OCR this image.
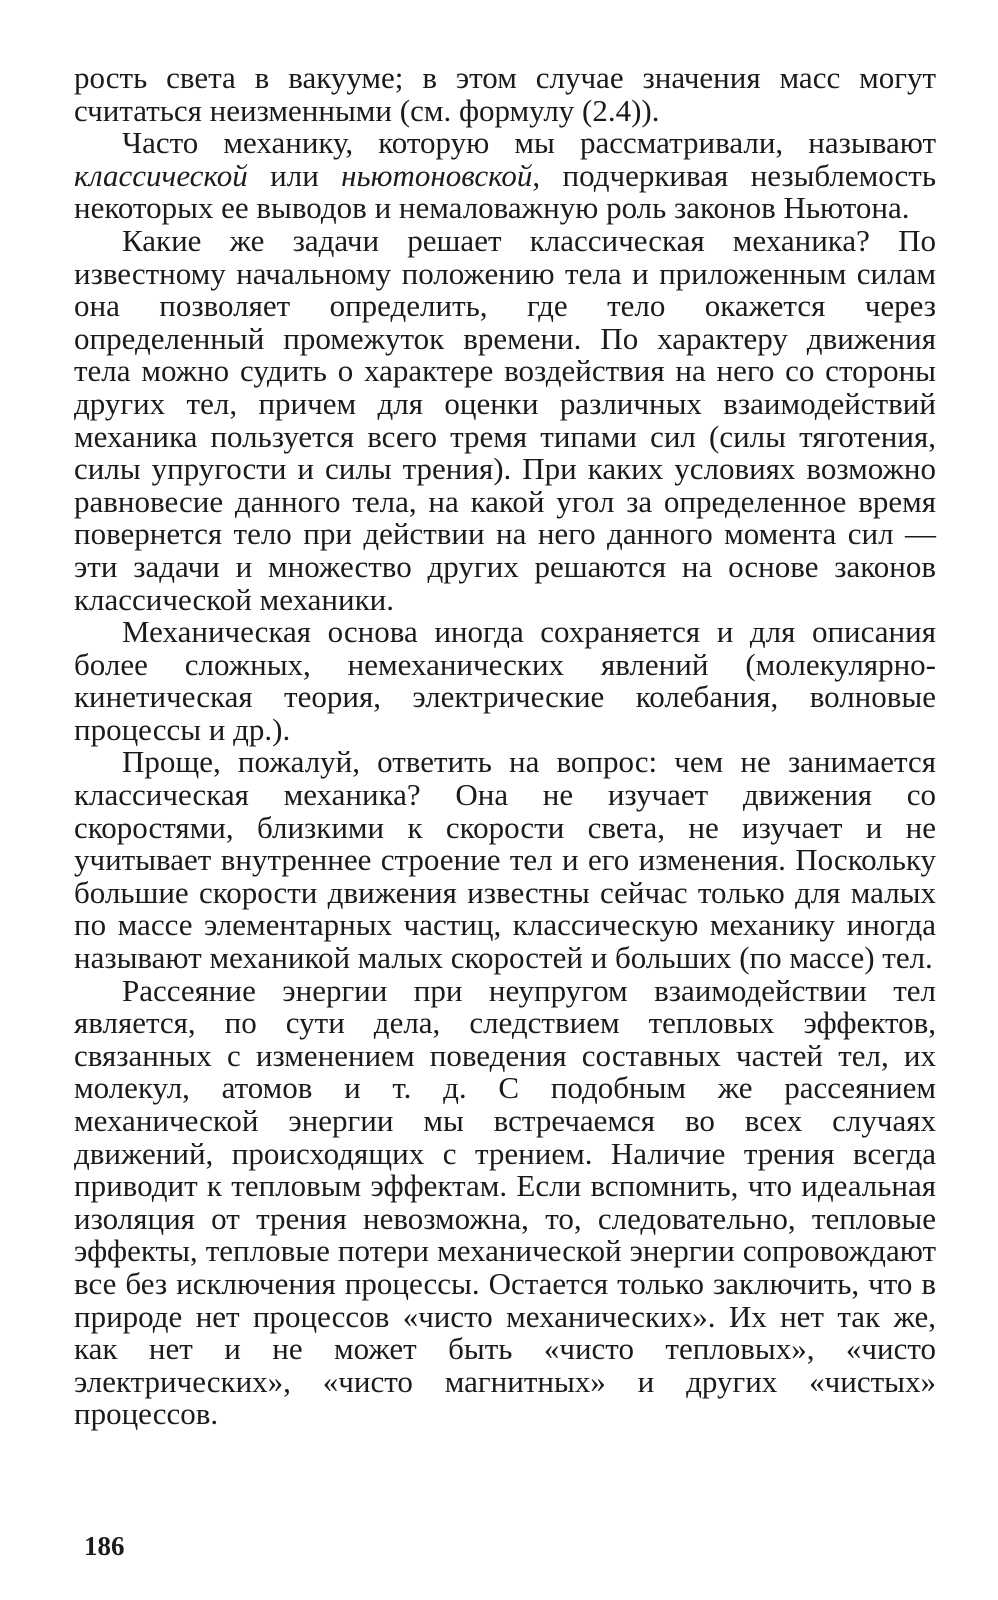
рость света в вакууме; в этом случае значения масс могут считаться неизменными (см. формулу (2.4)).

Часто механику, которую мы рассматривали, называют классической или ньютоновской, подчеркивая незыблемость некоторых ее выводов и немаловажную роль законов Ньютона.

Какие же задачи решает классическая механика? По известному начальному положению тела и приложенным силам она позволяет определить, где тело окажется через определенный промежуток времени. По характеру движения тела можно судить о характере воздействия на него со стороны других тел, причем для оценки различных взаимодействий механика пользуется всего тремя типами сил (силы тяготения, силы упругости и силы трения). При каких условиях возможно равновесие данного тела, на какой угол за определенное время повернется тело при действии на него данного момента сил — эти задачи и множество других решаются на основе законов классической механики.

Механическая основа иногда сохраняется и для описания более сложных, немеханических явлений (молекулярно-кинетическая теория, электрические колебания, волновые процессы и др.).

Проще, пожалуй, ответить на вопрос: чем не занимается классическая механика? Она не изучает движения со скоростями, близкими к скорости света, не изучает и не учитывает внутреннее строение тел и его изменения. Поскольку большие скорости движения известны сейчас только для малых по массе элементарных частиц, классическую механику иногда называют механикой малых скоростей и больших (по массе) тел.

Рассеяние энергии при неупругом взаимодействии тел является, по сути дела, следствием тепловых эффектов, связанных с изменением поведения составных частей тел, их молекул, атомов и т. д. С подобным же рассеянием механической энергии мы встречаемся во всех случаях движений, происходящих с трением. Наличие трения всегда приводит к тепловым эффектам. Если вспомнить, что идеальная изоляция от трения невозможна, то, следовательно, тепловые эффекты, тепловые потери механической энергии сопровождают все без исключения процессы. Остается только заключить, что в природе нет процессов «чисто механических». Их нет так же, как нет и не может быть «чисто тепловых», «чисто электрических», «чисто магнитных» и других «чистых» процессов.

186
